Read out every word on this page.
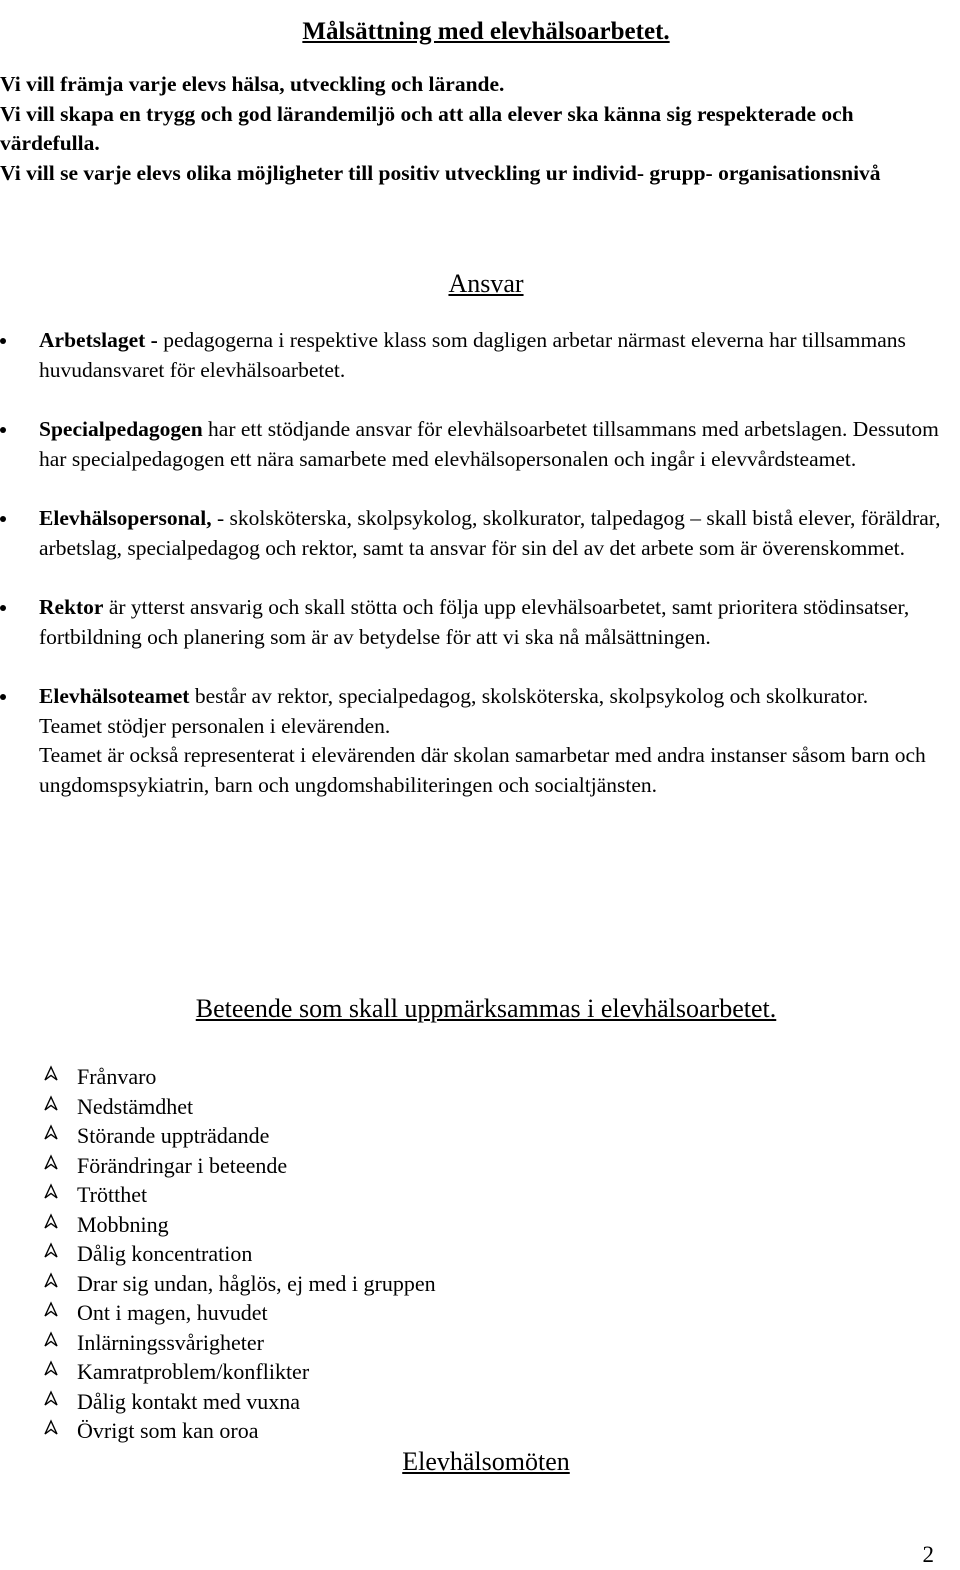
Målsättning med elevhälsoarbetet.

Vi vill främja varje elevs hälsa, utveckling och lärande.

Vi vill skapa en trygg och god lärandemiljö och att alla elever ska känna sig respekterade och värdefulla.

Vi vill se varje elevs olika möjligheter till positiv utveckling ur individ- grupp- organisationsnivå

Ansvar

Arbetslaget - pedagogerna i respektive klass som dagligen arbetar närmast eleverna har tillsammans huvudansvaret för elevhälsoarbetet.

Specialpedagogen har ett stödjande ansvar för elevhälsoarbetet tillsammans med arbetslagen. Dessutom har specialpedagogen ett nära samarbete med elevhälsopersonalen och ingår i elevvårdsteamet.

Elevhälsopersonal, - skolsköterska, skolpsykolog, skolkurator, talpedagog – skall bistå elever, föräldrar, arbetslag, specialpedagog och rektor, samt ta ansvar för sin del av det arbete som är överenskommet.

Rektor är ytterst ansvarig och skall stötta och följa upp elevhälsoarbetet, samt prioritera stödinsatser, fortbildning och planering som är av betydelse för att vi ska nå målsättningen.

Elevhälsoteamet består av rektor, specialpedagog, skolsköterska, skolpsykolog och skolkurator.

Teamet stödjer personalen i elevärenden.

Teamet är också representerat i elevärenden där skolan samarbetar med andra instanser såsom barn och ungdomspsykiatrin, barn och ungdomshabiliteringen och socialtjänsten.

Beteende som skall uppmärksammas i elevhälsoarbetet.
Frånvaro
Nedstämdhet
Störande uppträdande
Förändringar i beteende
Trötthet
Mobbning
Dålig koncentration
Drar sig undan, håglös, ej med i gruppen
Ont i magen, huvudet
Inlärningssvårigheter
Kamratproblem/konflikter
Dålig kontakt med vuxna
Övrigt som kan oroa
Elevhälsomöten
2
